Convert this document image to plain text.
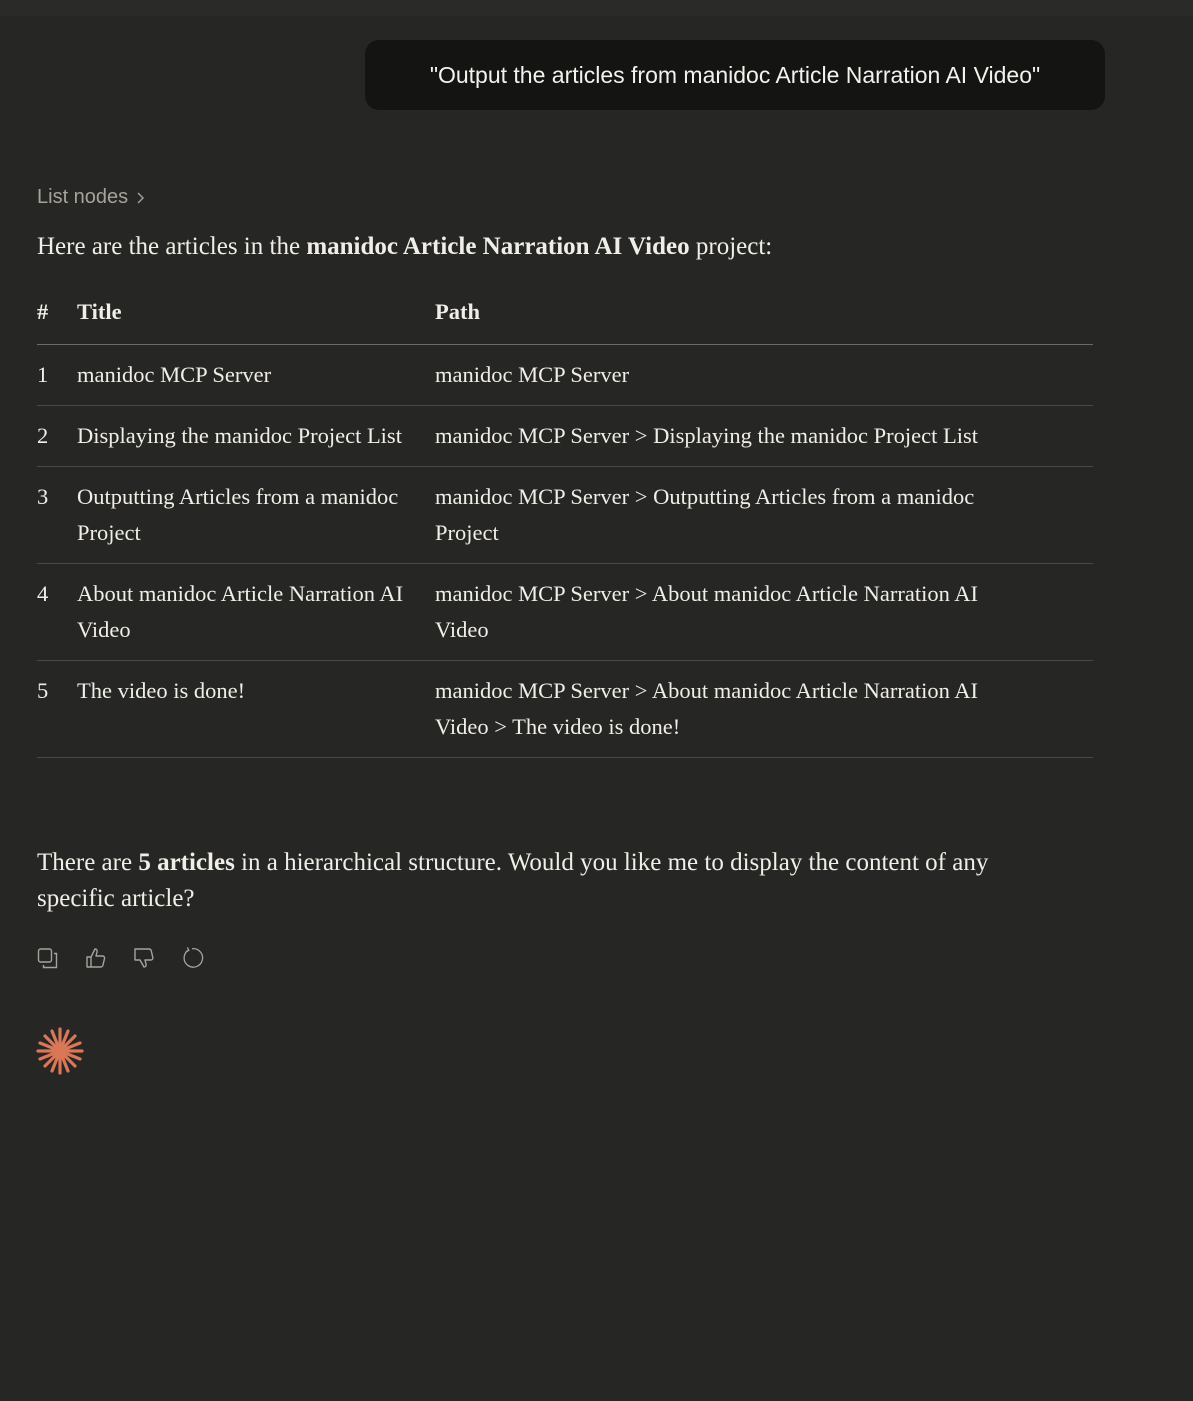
"Output the articles from manidoc Article Narration AI Video"
List nodes

Here are the articles in the manidoc Article Narration AI Video project:

#	Title	Path
1	manidoc MCP Server	manidoc MCP Server
2	Displaying the manidoc Project List	manidoc MCP Server > Displaying the manidoc Project List
3	Outputting Articles from a manidoc Project	manidoc MCP Server > Outputting Articles from a manidoc Project
4	About manidoc Article Narration AI Video	manidoc MCP Server > About manidoc Article Narration AI Video
5	The video is done!	manidoc MCP Server > About manidoc Article Narration AI Video > The video is done!

There are 5 articles in a hierarchical structure. Would you like me to display the content of any specific article?
